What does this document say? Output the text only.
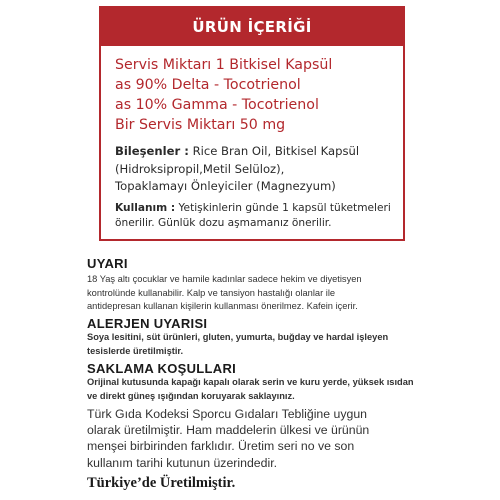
ÜRÜN İÇERİĞİ
Servis Miktarı 1 Bitkisel Kapsül
as 90% Delta - Tocotrienol
as 10% Gamma - Tocotrienol
Bir Servis Miktarı 50 mg
Bileşenler : Rice Bran Oil, Bitkisel Kapsül
(Hidroksipropil,Metil Selüloz),
Topaklamayı Önleyiciler (Magnezyum)
Kullanım : Yetişkinlerin günde 1 kapsül tüketmeleri
önerilir. Günlük dozu aşmamanız önerilir.
UYARI
18 Yaş altı çocuklar ve hamile kadınlar sadece hekim ve diyetisyen
kontrolünde kullanabilir. Kalp ve tansiyon hastalığı olanlar ile
antidepresan kullanan kişilerin kullanması önerilmez. Kafein içerir.
ALERJEN UYARISI
Soya lesitini, süt ürünleri, gluten, yumurta, buğday ve hardal işleyen
tesislerde üretilmiştir.
SAKLAMA KOŞULLARI
Orijinal kutusunda kapağı kapalı olarak serin ve kuru yerde, yüksek ısıdan
ve direkt güneş ışığından koruyarak saklayınız.
Türk Gıda Kodeksi Sporcu Gıdaları Tebliğine uygun
olarak üretilmiştir. Ham maddelerin ülkesi ve ürünün
menşei birbirinden farklıdır. Üretim seri no ve son
kullanım tarihi kutunun üzerindedir.
Türkiye’de Üretilmiştir.
